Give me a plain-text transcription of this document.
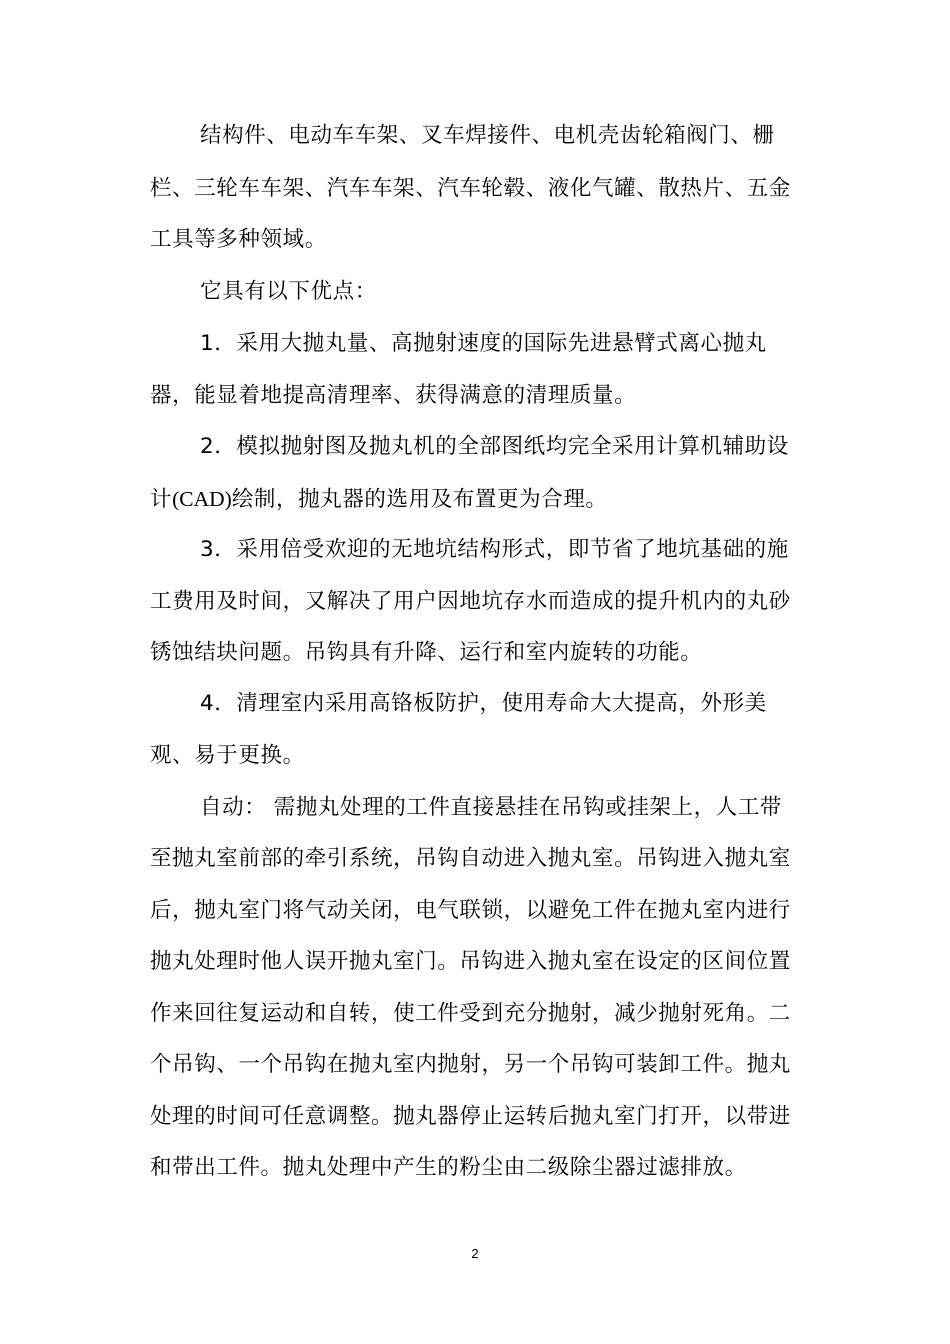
结构件、电动车车架、叉车焊接件、电机壳齿轮箱阀门、栅
栏、三轮车车架、汽车车架、汽车轮毂、液化气罐、散热片、五金
工具等多种领域。
它具有以下优点：
1．采用大抛丸量、高抛射速度的国际先进悬臂式离心抛丸
器，能显着地提高清理率、获得满意的清理质量。
2．模拟抛射图及抛丸机的全部图纸均完全采用计算机辅助设
计(CAD)绘制，抛丸器的选用及布置更为合理。
3．采用倍受欢迎的无地坑结构形式，即节省了地坑基础的施
工费用及时间，又解决了用户因地坑存水而造成的提升机内的丸砂
锈蚀结块问题。吊钩具有升降、运行和室内旋转的功能。
4．清理室内采用高铬板防护，使用寿命大大提高，外形美
观、易于更换。
自动： 需抛丸处理的工件直接悬挂在吊钩或挂架上，人工带
至抛丸室前部的牵引系统，吊钩自动进入抛丸室。吊钩进入抛丸室
后，抛丸室门将气动关闭，电气联锁，以避免工件在抛丸室内进行
抛丸处理时他人误开抛丸室门。吊钩进入抛丸室在设定的区间位置
作来回往复运动和自转，使工件受到充分抛射，减少抛射死角。二
个吊钩、一个吊钩在抛丸室内抛射，另一个吊钩可装卸工件。抛丸
处理的时间可任意调整。抛丸器停止运转后抛丸室门打开，以带进
和带出工件。抛丸处理中产生的粉尘由二级除尘器过滤排放。
2
